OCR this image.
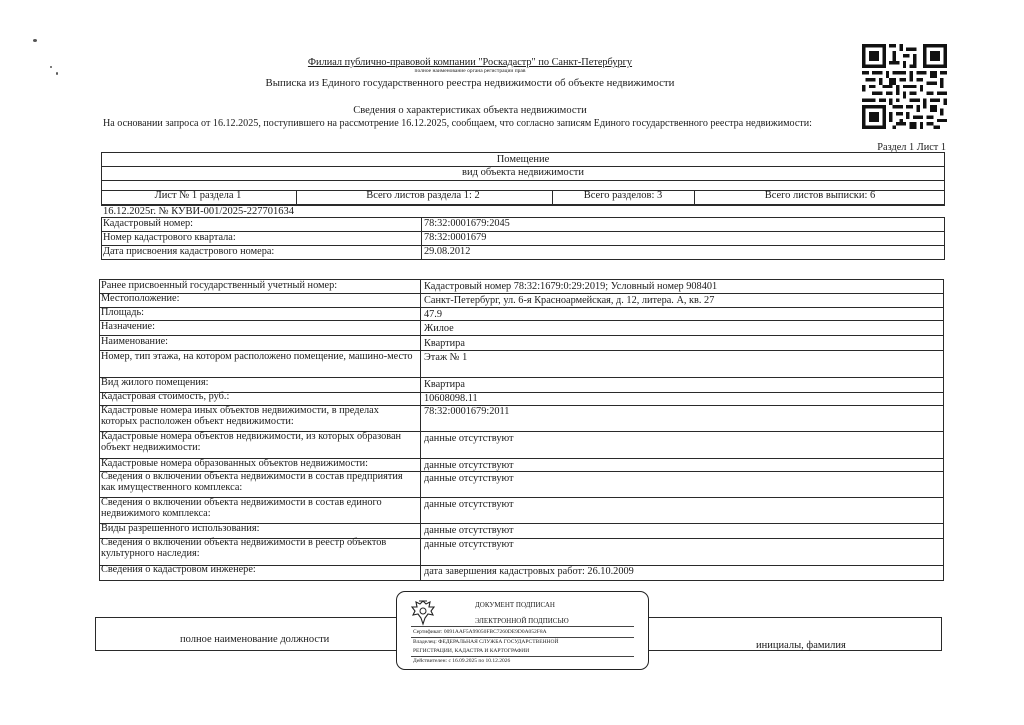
Филиал публично-правовой компании "Роскадастр" по Санкт-Петербургу
полное наименование органа регистрации прав
Выписка из Единого государственного реестра недвижимости об объекте недвижимости
Сведения о характеристиках объекта недвижимости
На основании запроса от 16.12.2025, поступившего на рассмотрение 16.12.2025, сообщаем, что согласно записям Единого государственного реестра недвижимости:
Раздел 1 Лист 1
Помещение
вид объекта недвижимости
Лист № 1 раздела 1	Всего листов раздела 1: 2	Всего разделов: 3	Всего листов выписки: 6
16.12.2025г. № КУВИ-001/2025-227701634
Кадастровый номер:	78:32:0001679:2045
Номер кадастрового квартала:	78:32:0001679
Дата присвоения кадастрового номера:	29.08.2012
Ранее присвоенный государственный учетный номер:	Кадастровый номер 78:32:1679:0:29:2019; Условный номер 908401
Местоположение:	Санкт-Петербург, ул. 6-я Красноармейская, д. 12, литера. А, кв. 27
Площадь:	47.9
Назначение:	Жилое
Наименование:	Квартира
Номер, тип этажа, на котором расположено помещение, машино-место	Этаж № 1
Вид жилого помещения:	Квартира
Кадастровая стоимость, руб.:	10608098.11
Кадастровые номера иных объектов недвижимости, в пределах которых расположен объект недвижимости:
78:32:0001679:2011
Кадастровые номера объектов недвижимости, из которых образован объект недвижимости:
данные отсутствуют
Кадастровые номера образованных объектов недвижимости:	данные отсутствуют
Сведения о включении объекта недвижимости в состав предприятия как имущественного комплекса:
данные отсутствуют
Сведения о включении объекта недвижимости в состав единого недвижимого комплекса:
данные отсутствуют
Виды разрешенного использования:	данные отсутствуют
Сведения о включении объекта недвижимости в реестр объектов культурного наследия:
данные отсутствуют
Сведения о кадастровом инженере:	дата завершения кадастровых работ: 26.10.2009
полное наименование должности
инициалы, фамилия
ДОКУМЕНТ ПОДПИСАН
ЭЛЕКТРОННОЙ ПОДПИСЬЮ
Сертификат: 0091AAF5A99050FBC7260DE9D0A052F8A
Владелец: ФЕДЕРАЛЬНАЯ СЛУЖБА ГОСУДАРСТВЕННОЙ
РЕГИСТРАЦИИ, КАДАСТРА И КАРТОГРАФИИ
Действителен: с 16.09.2025 по 10.12.2026
